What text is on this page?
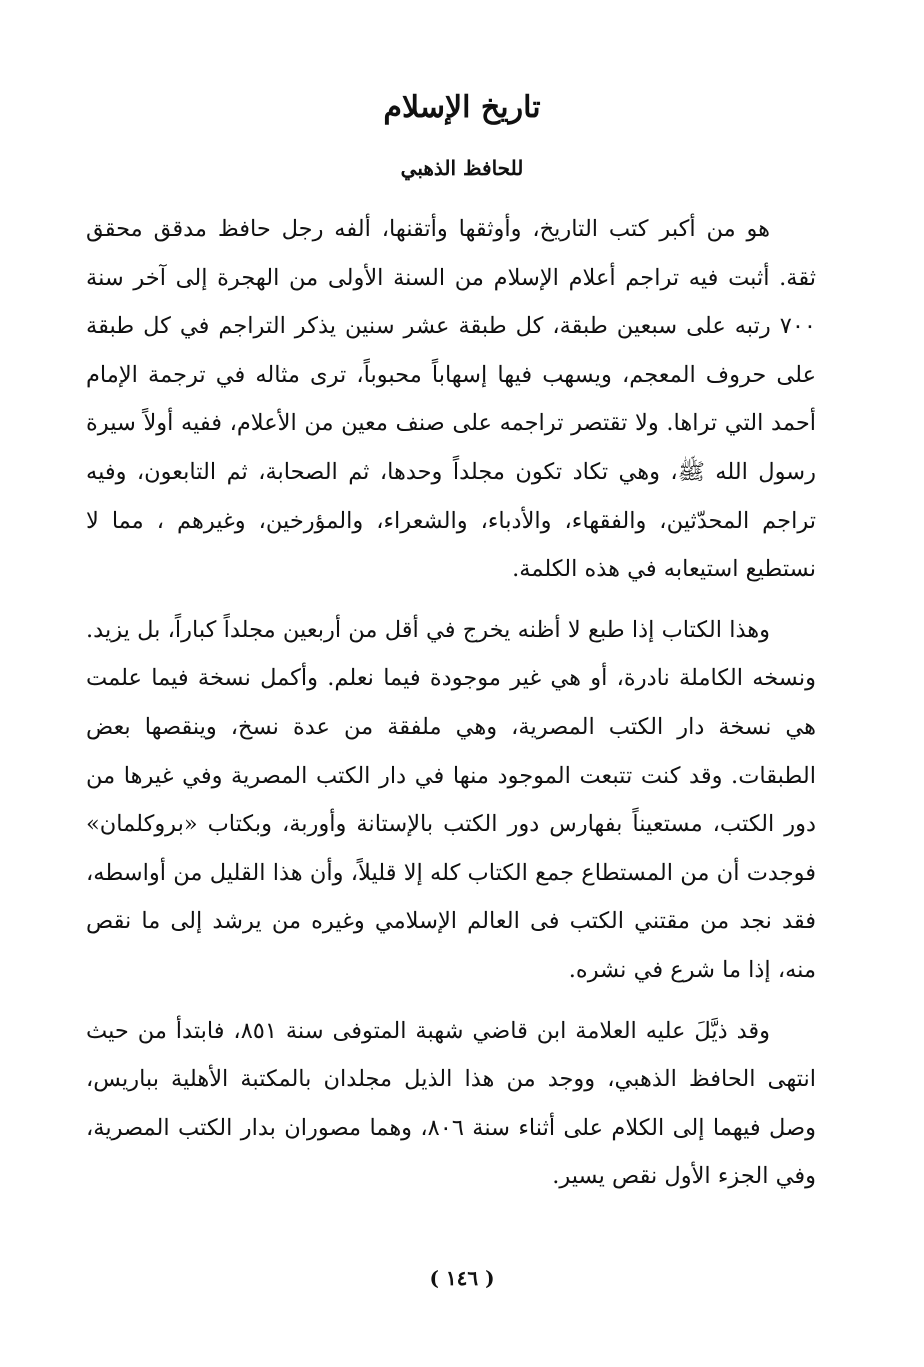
تاريخ الإسلام
للحافظ الذهبي

هو من أكبر كتب التاريخ، وأوثقها وأتقنها، ألفه رجل حافظ مدقق محقق ثقة. أثبت فيه تراجم أعلام الإسلام من السنة الأولى من الهجرة إلى آخر سنة ٧٠٠ رتبه على سبعين طبقة، كل طبقة عشر سنين يذكر التراجم في كل طبقة على حروف المعجم، ويسهب فيها إسهاباً محبوباً، ترى مثاله في ترجمة الإمام أحمد التي تراها. ولا تقتصر تراجمه على صنف معين من الأعلام، ففيه أولاً سيرة رسول الله ﷺ، وهي تكاد تكون مجلداً وحدها، ثم الصحابة، ثم التابعون، وفيه تراجم المحدّثين، والفقهاء، والأدباء، والشعراء، والمؤرخين، وغيرهم ، مما لا نستطيع استيعابه في هذه الكلمة.

وهذا الكتاب إذا طبع لا أظنه يخرج في أقل من أربعين مجلداً كباراً، بل يزيد. ونسخه الكاملة نادرة، أو هي غير موجودة فيما نعلم. وأكمل نسخة فيما علمت هي نسخة دار الكتب المصرية، وهي ملفقة من عدة نسخ، وينقصها بعض الطبقات. وقد كنت تتبعت الموجود منها في دار الكتب المصرية وفي غيرها من دور الكتب، مستعيناً بفهارس دور الكتب بالإستانة وأوربة، وبكتاب «بروكلمان» فوجدت أن من المستطاع جمع الكتاب كله إلا قليلاً، وأن هذا القليل من أواسطه، فقد نجد من مقتني الكتب فى العالم الإسلامي وغيره من يرشد إلى ما نقص منه، إذا ما شرع في نشره.

وقد ذيَّلَ عليه العلامة ابن قاضي شهبة المتوفى سنة ٨٥١، فابتدأ من حيث انتهى الحافظ الذهبي، ووجد من هذا الذيل مجلدان بالمكتبة الأهلية بباريس، وصل فيهما إلى الكلام على أثناء سنة ٨٠٦، وهما مصوران بدار الكتب المصرية، وفي الجزء الأول نقص يسير.

( ١٤٦ )
